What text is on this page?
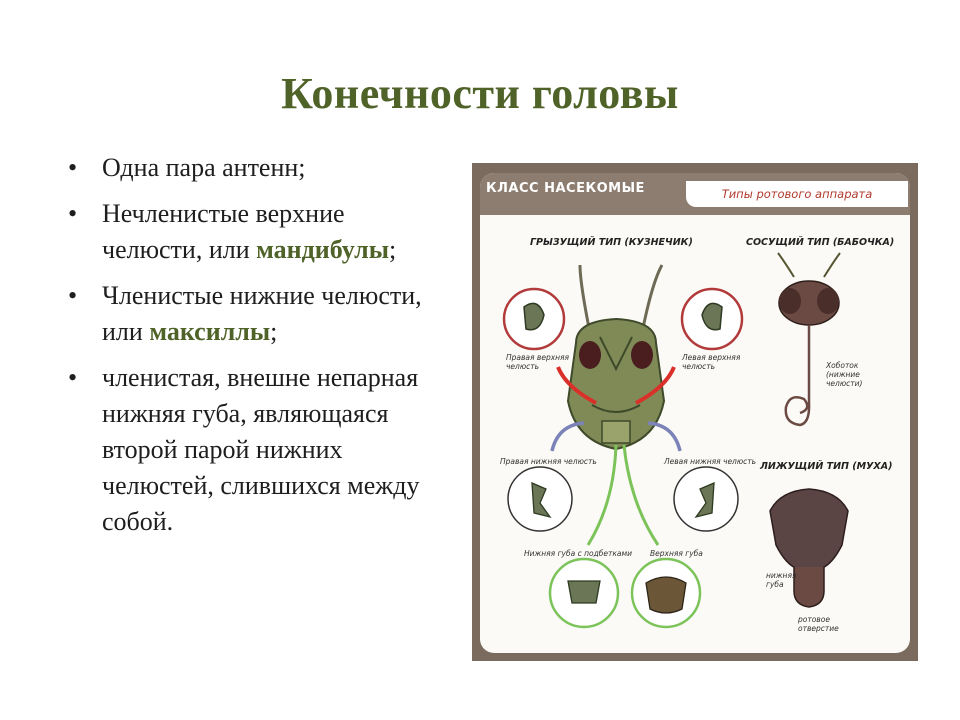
Конечности головы
• Одна пара антенн;
• Нечленистые верхние челюсти, или мандибулы;
• Членистые нижние челюсти, или максиллы;
• членистая, внешне непарная нижняя губа, являющаяся второй парой нижних челюстей, слившихся между собой.
КЛАСС НАСЕКОМЫЕ	Типы ротового аппарата
ГРЫЗУЩИЙ ТИП (КУЗНЕЧИК)	СОСУЩИЙ ТИП (БАБОЧКА)
ЛИЖУЩИЙ ТИП (МУХА)
Правая верхняя челюсть
Левая верхняя челюсть
Правая нижняя челюсть	Левая нижняя челюсть
Нижняя губа с подбетками Верхняя губа
Хоботок (нижние челюсти)
нижняя губа
ротовое отверстие
